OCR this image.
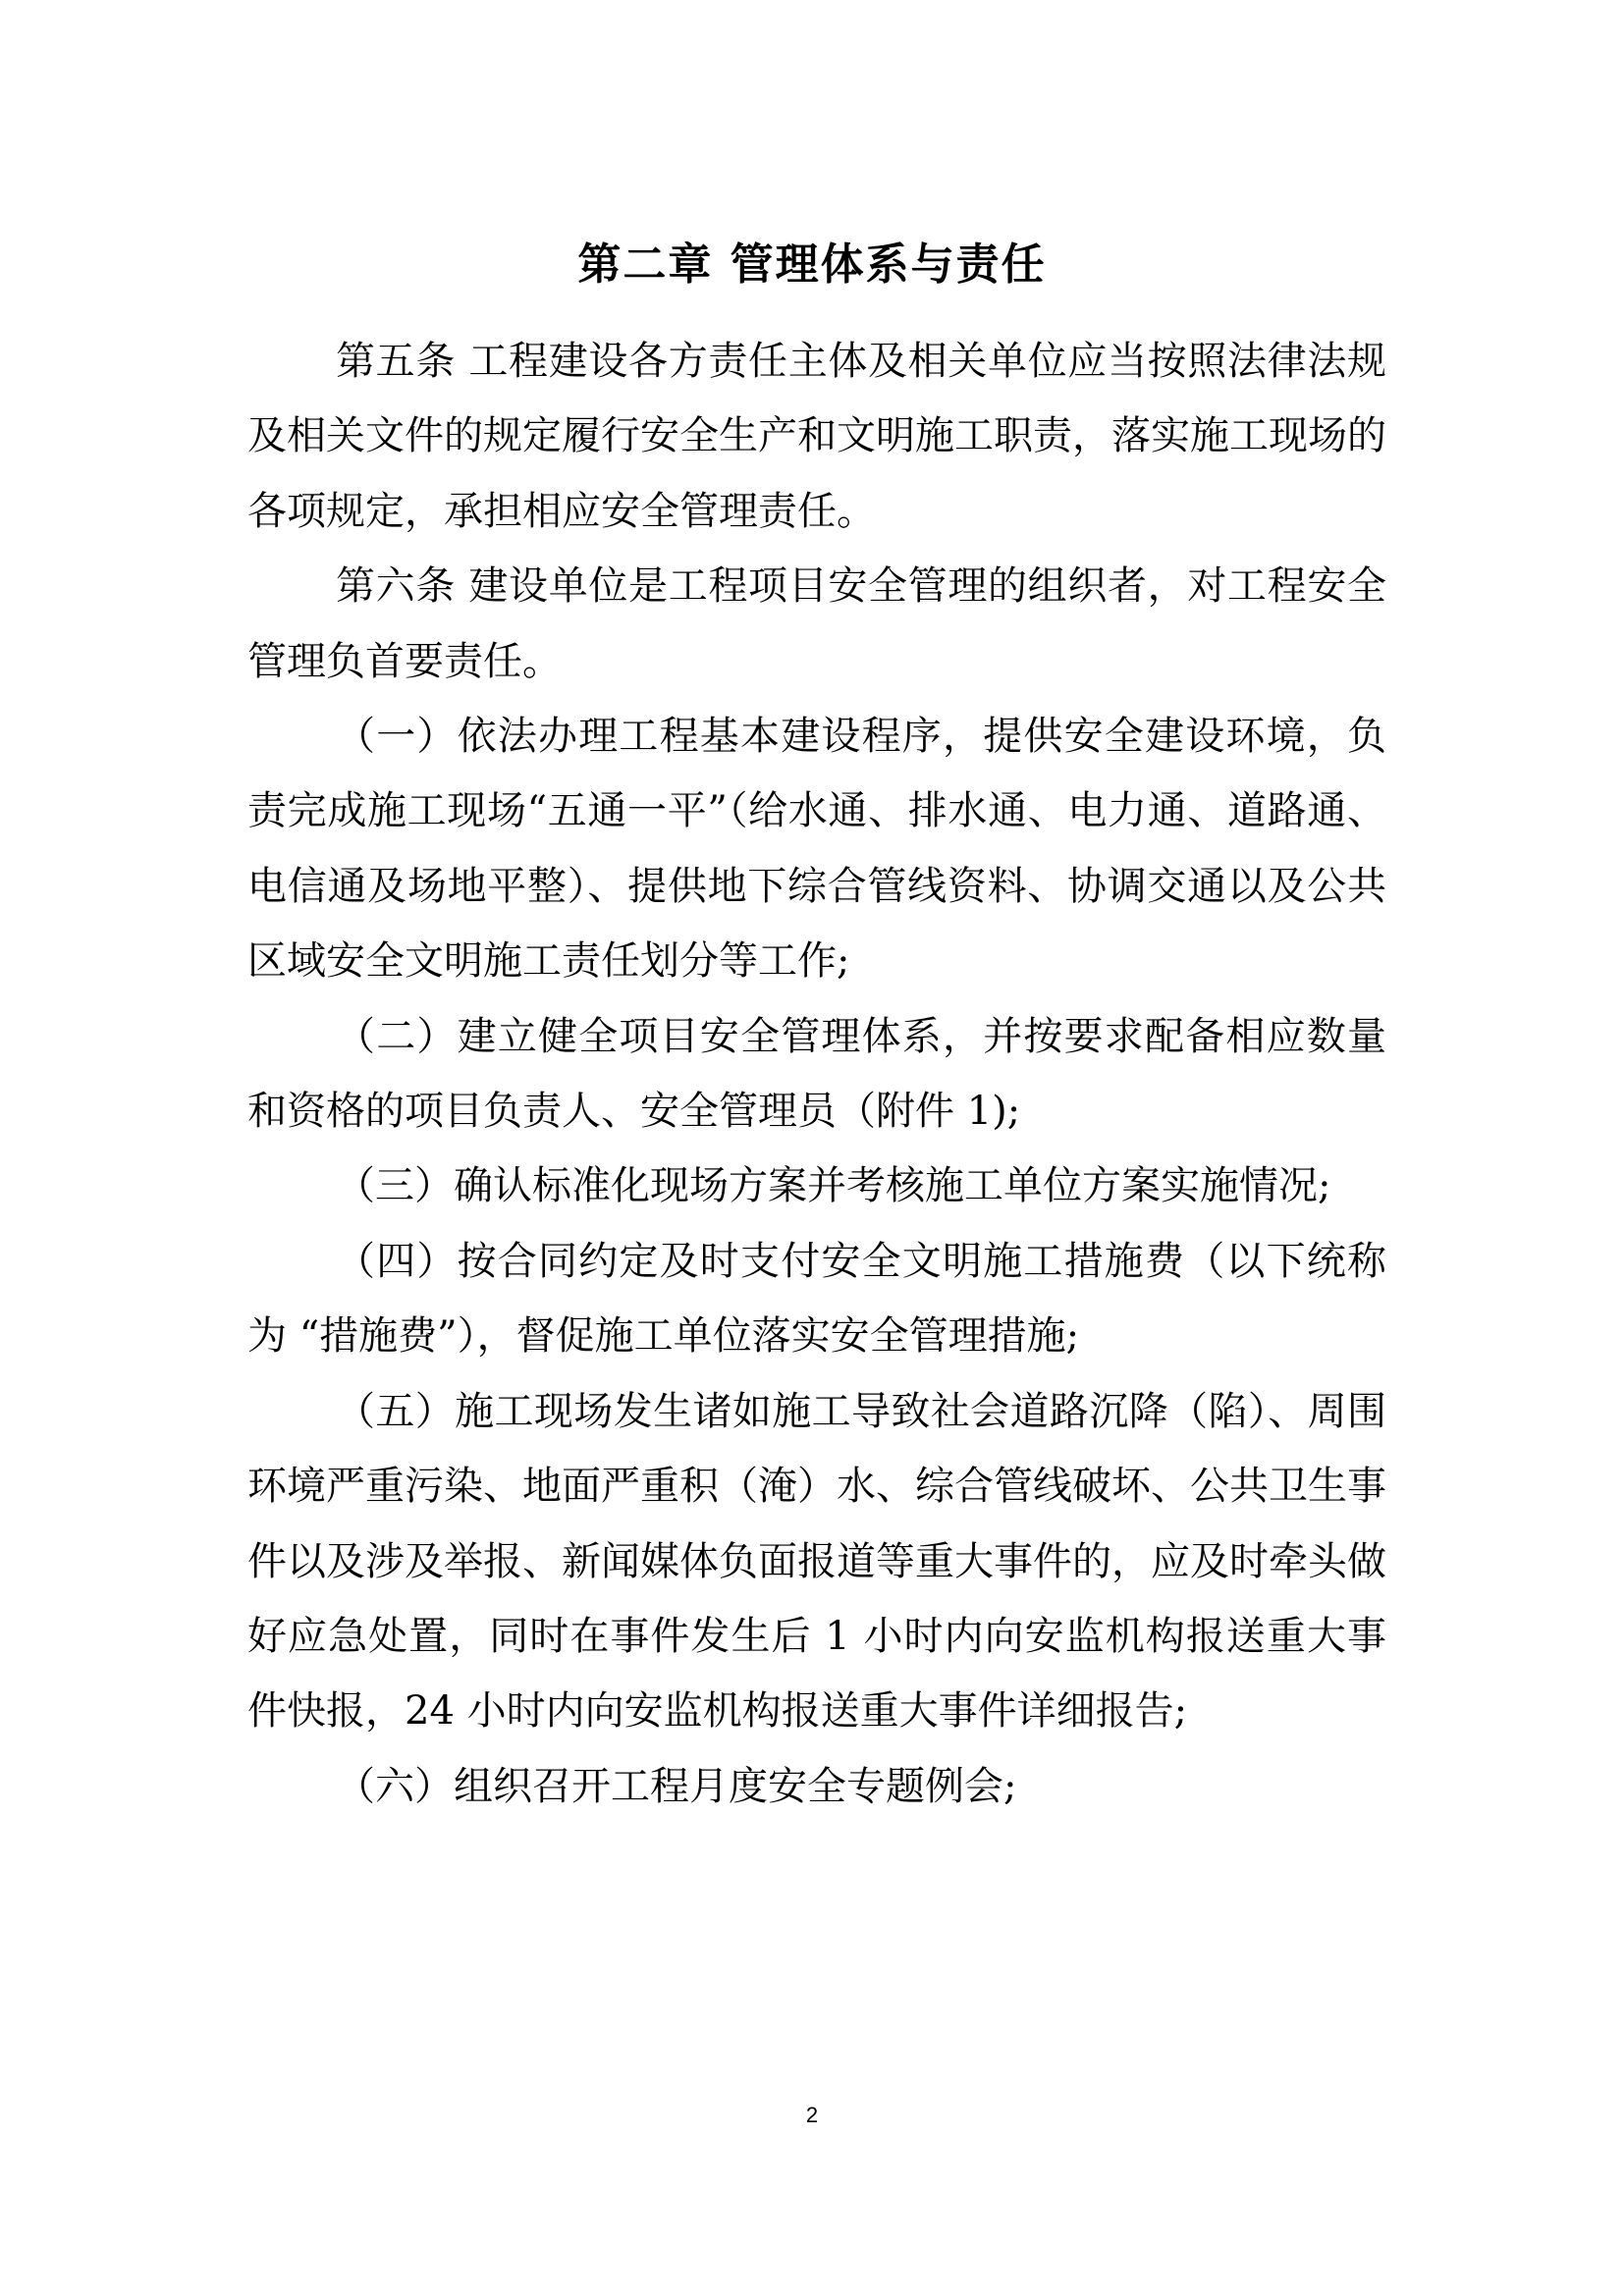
第二章 管理体系与责任

第五条 工程建设各方责任主体及相关单位应当按照法律法规及相关文件的规定履行安全生产和文明施工职责，落实施工现场的各项规定，承担相应安全管理责任。

第六条 建设单位是工程项目安全管理的组织者，对工程安全管理负首要责任。

（一）依法办理工程基本建设程序，提供安全建设环境，负责完成施工现场“五通一平”（给水通、排水通、电力通、道路通、电信通及场地平整）、提供地下综合管线资料、协调交通以及公共区域安全文明施工责任划分等工作;

（二）建立健全项目安全管理体系，并按要求配备相应数量和资格的项目负责人、安全管理员（附件 1);

（三）确认标准化现场方案并考核施工单位方案实施情况;

（四）按合同约定及时支付安全文明施工措施费（以下统称为 “措施费”），督促施工单位落实安全管理措施;

（五）施工现场发生诸如施工导致社会道路沉降（陷）、周围环境严重污染、地面严重积（淹）水、综合管线破坏、公共卫生事件以及涉及举报、新闻媒体负面报道等重大事件的，应及时牵头做好应急处置，同时在事件发生后 1 小时内向安监机构报送重大事件快报，24 小时内向安监机构报送重大事件详细报告;

（六）组织召开工程月度安全专题例会;

2
